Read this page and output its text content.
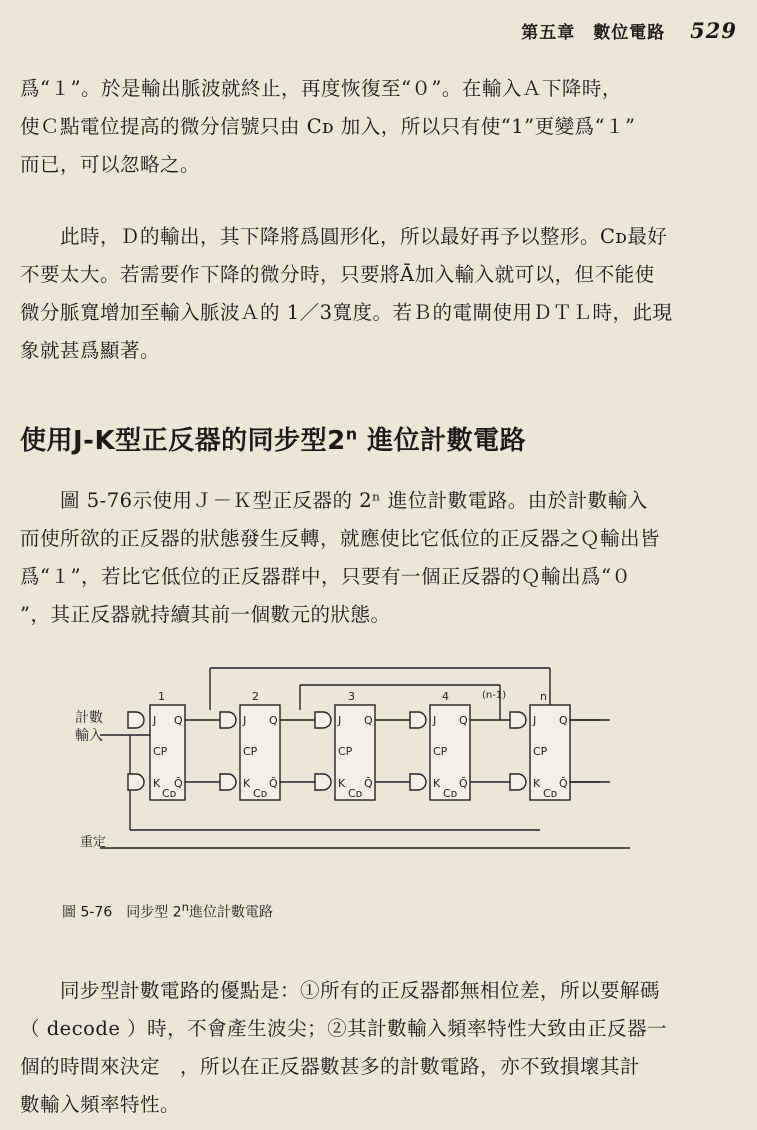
第五章　數位電路 529
爲“１”。於是輸出脈波就終止，再度恢復至“０”。在輸入Ａ下降時，
使Ｃ點電位提高的微分信號只由 Cᴅ 加入，所以只有使“1”更變爲“１”
而已，可以忽略之。
　　此時，Ｄ的輸出，其下降將爲圓形化，所以最好再予以整形。Cᴅ最好
不要太大。若需要作下降的微分時，只要將Ā加入輸入就可以，但不能使
微分脈寬增加至輸入脈波Ａ的 1／3寬度。若Ｂ的電閘使用ＤＴＬ時，此現
象就甚爲顯著。
使用J-K型正反器的同步型2$^n$ 進位計數電路
　　圖 5-76示使用Ｊ－Ｋ型正反器的 2ⁿ 進位計數電路。由於計數輸入
而使所欲的正反器的狀態發生反轉，就應使比它低位的正反器之Ｑ輸出皆
爲“１”，若比它低位的正反器群中，只要有一個正反器的Ｑ輸出爲“０
”，其正反器就持續其前一個數元的狀態。
1	2	3	4	n
J
CP
K
Q
Q̄
Cᴅ
J
CP
K
Q
Q̄
Cᴅ
J
CP
K
Q
Q̄
Cᴅ
J
CP
K
Q
Q̄
Cᴅ
J
CP
K
Q
Q̄
Cᴅ
(n-1)
計數
輸入
重定
圖 5-76　同步型 2$^n$進位計數電路
　　同步型計數電路的優點是：①所有的正反器都無相位差，所以要解碼
（ decode ）時，不會產生波尖；②其計數輸入頻率特性大致由正反器一
個的時間來決定　，所以在正反器數甚多的計數電路，亦不致損壞其計
數輸入頻率特性。
